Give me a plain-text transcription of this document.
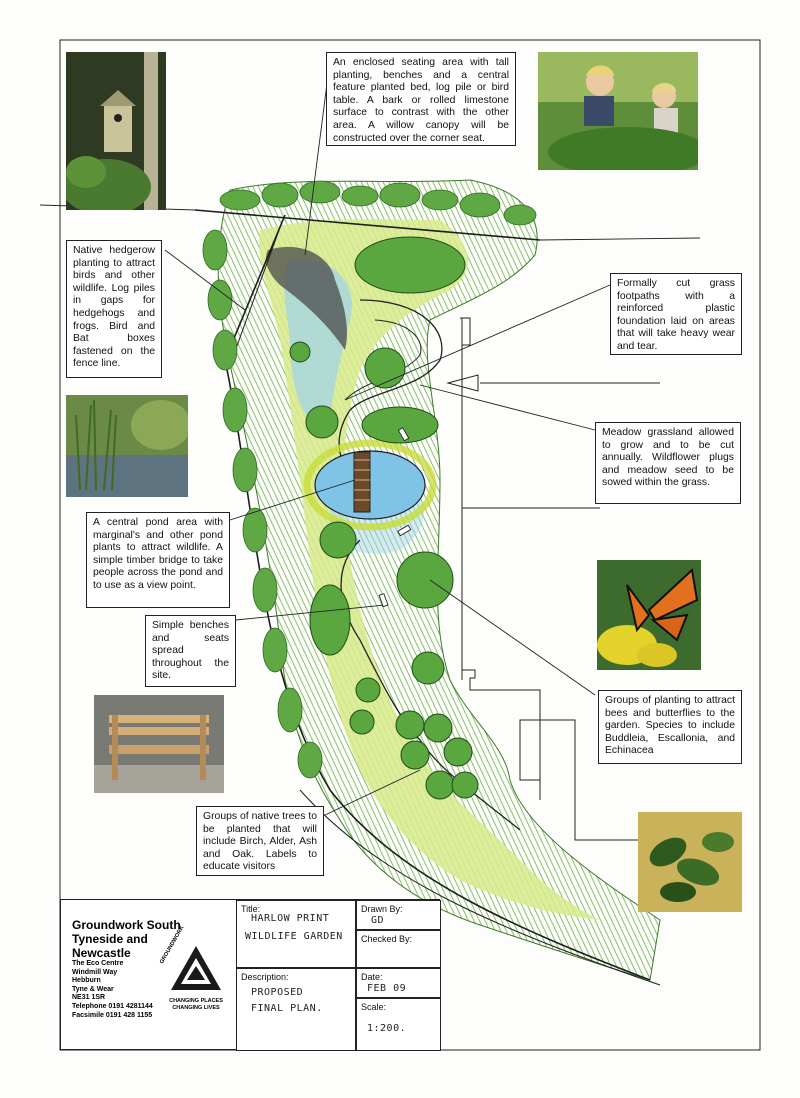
An enclosed seating area with tall planting, benches and a central feature planted bed, log pile or bird table. A bark or rolled limestone surface to contrast with the other area. A willow canopy will be constructed over the corner seat.
Native hedgerow planting to attract birds and other wildlife. Log piles in gaps for hedgehogs and frogs. Bird and Bat boxes fastened on the fence line.
Formally cut grass footpaths with a reinforced plastic foundation laid on areas that will take heavy wear and tear.
Meadow grassland allowed to grow and to be cut annually. Wildflower plugs and meadow seed to be sowed within the grass.
A central pond area with marginal's and other pond plants to attract wildlife. A simple timber bridge to take people across the pond and to use as a view point.
Simple benches and seats spread throughout the site.
Groups of planting to attract bees and butterflies to the garden. Species to include Buddleia, Escallonia, and Echinacea
Groups of native trees to be planted that will include Birch, Alder, Ash and Oak. Labels to educate visitors
Groundwork South Tyneside and Newcastle
The Eco Centre
Windmill Way
Hebburn
Tyne & Wear
NE31 1SR
Telephone 0191 4281144
Facsimile 0191 428 1155
GROUNDWORK
CHANGING PLACES
CHANGING LIVES
Title:
HARLOW PRINT
WILDLIFE GARDEN
Drawn By:
GD
Checked By:
Description:
PROPOSED
FINAL PLAN.
Date:
FEB 09
Scale:
1:200.
